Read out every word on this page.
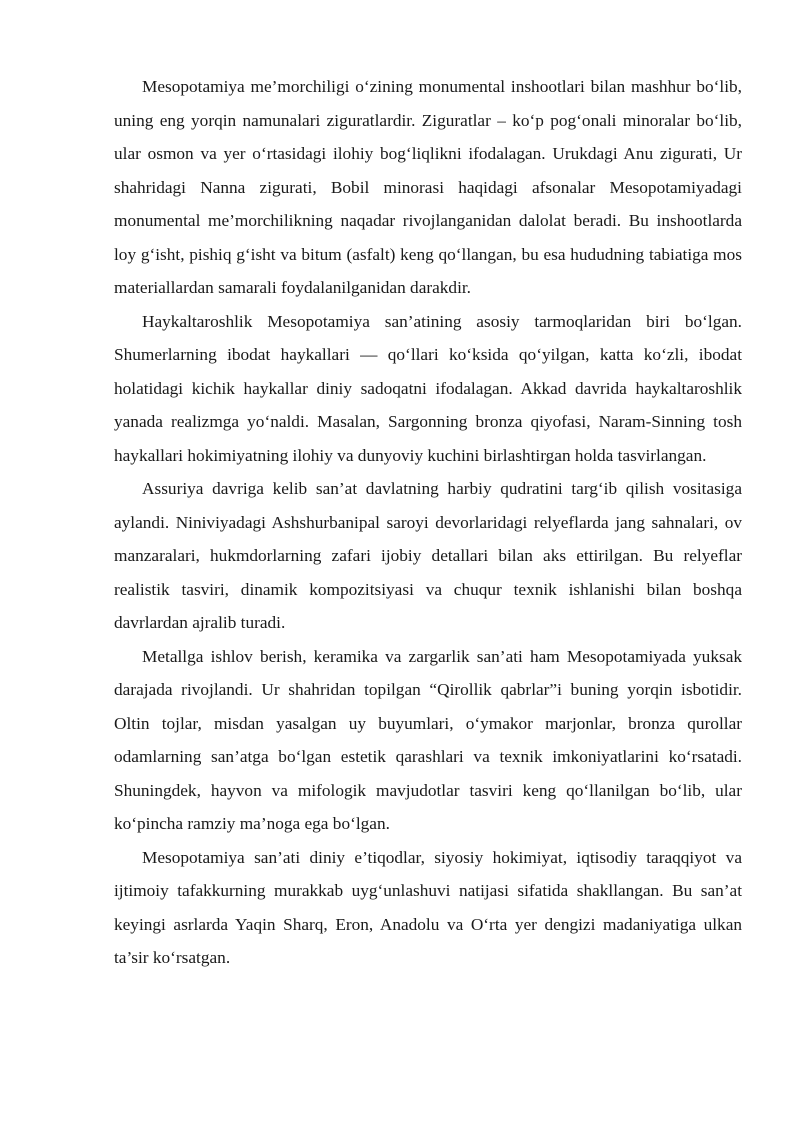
Mesopotamiya me’morchiligi o‘zining monumental inshootlari bilan mashhur bo‘lib, uning eng yorqin namunalari ziguratlardir. Ziguratlar – ko‘p pog‘onali minoralar bo‘lib, ular osmon va yer o‘rtasidagi ilohiy bog‘liqlikni ifodalagan. Urukdagi Anu zigurati, Ur shahridagi Nanna zigurati, Bobil minorasi haqidagi afsonalar Mesopotamiyadagi monumental me’morchilikning naqadar rivojlanganidan dalolat beradi. Bu inshootlarda loy g‘isht, pishiq g‘isht va bitum (asfalt) keng qo‘llangan, bu esa hududning tabiatiga mos materiallardan samarali foydalanilganidan darakdir.

Haykaltaroshlik Mesopotamiya san’atining asosiy tarmoqlaridan biri bo‘lgan. Shumerlarning ibodat haykallari — qo‘llari ko‘ksida qo‘yilgan, katta ko‘zli, ibodat holatidagi kichik haykallar diniy sadoqatni ifodalagan. Akkad davrida haykaltaroshlik yanada realizmga yo‘naldi. Masalan, Sargonning bronza qiyofasi, Naram-Sinning tosh haykallari hokimiyatning ilohiy va dunyoviy kuchini birlashtirgan holda tasvirlangan.

Assuriya davriga kelib san’at davlatning harbiy qudratini targ‘ib qilish vositasiga aylandi. Niniviyadagi Ashshurbanipal saroyi devorlaridagi relyeflarda jang sahnalari, ov manzaralari, hukmdorlarning zafari ijobiy detallari bilan aks ettirilgan. Bu relyeflar realistik tasviri, dinamik kompozitsiyasi va chuqur texnik ishlanishi bilan boshqa davrlardan ajralib turadi.

Metallga ishlov berish, keramika va zargarlik san’ati ham Mesopotamiyada yuksak darajada rivojlandi. Ur shahridan topilgan “Qirollik qabrlar”i buning yorqin isbotidir. Oltin tojlar, misdan yasalgan uy buyumlari, o‘ymakor marjonlar, bronza qurollar odamlarning san’atga bo‘lgan estetik qarashlari va texnik imkoniyatlarini ko‘rsatadi. Shuningdek, hayvon va mifologik mavjudotlar tasviri keng qo‘llanilgan bo‘lib, ular ko‘pincha ramziy ma’noga ega bo‘lgan.

Mesopotamiya san’ati diniy e’tiqodlar, siyosiy hokimiyat, iqtisodiy taraqqiyot va ijtimoiy tafakkurning murakkab uyg‘unlashuvi natijasi sifatida shakllangan. Bu san’at keyingi asrlarda Yaqin Sharq, Eron, Anadolu va O‘rta yer dengizi madaniyatiga ulkan ta’sir ko‘rsatgan.
